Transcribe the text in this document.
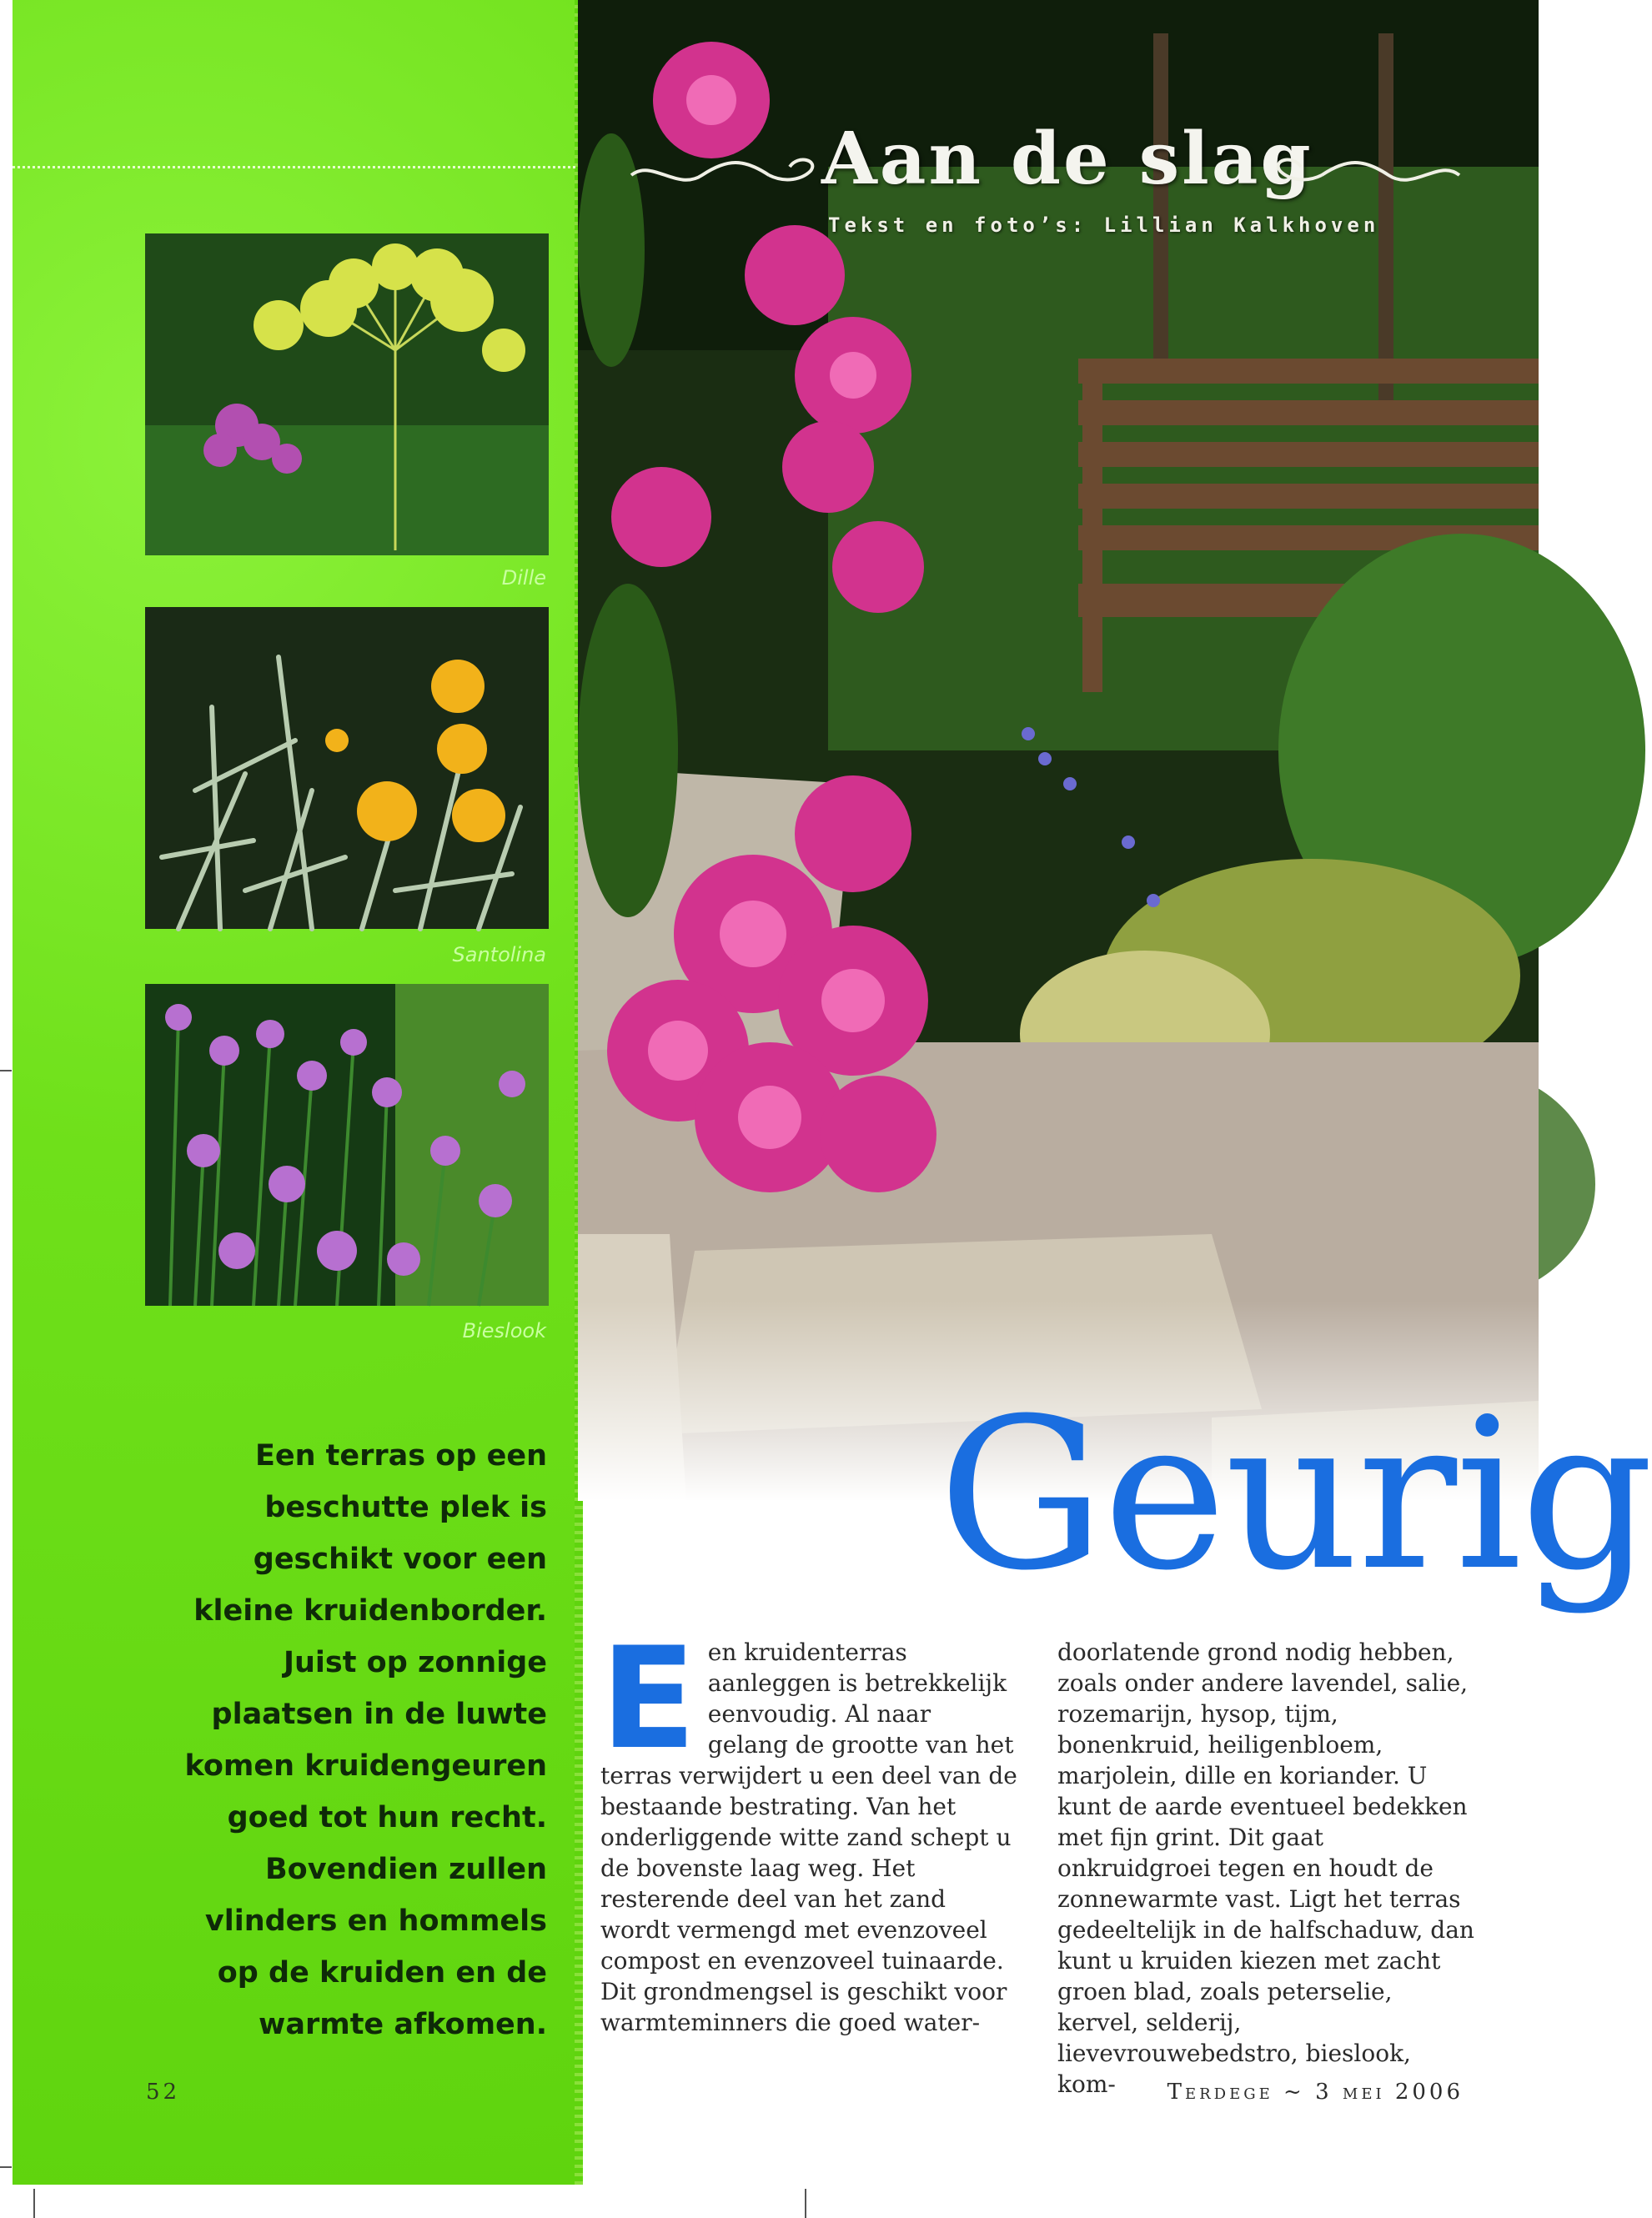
Dille
Santolina
Bieslook
Een terras op een beschutte plek is geschikt voor een kleine kruidenborder. Juist op zonnige plaatsen in de luwte komen kruidengeuren goed tot hun recht. Bovendien zullen vlinders en hommels op de kruiden en de warmte afkomen.
52
Aan de slag
Tekst en foto’s: Lillian Kalkhoven
Geurig
E en kruidenterras aanleggen is betrekkelijk eenvoudig. Al naar gelang de grootte van het terras verwijdert u een deel van de bestaande bestrating. Van het onderliggende witte zand schept u de bovenste laag weg. Het resterende deel van het zand wordt vermengd met evenzoveel compost en evenzoveel tuinaarde.

Dit grondmengsel is geschikt voor warmteminners die goed water-

doorlatende grond nodig hebben, zoals onder andere lavendel, salie, rozemarijn, hysop, tijm, bonenkruid, heiligenbloem, marjolein, dille en koriander. U kunt de aarde eventueel bedekken met fijn grint. Dit gaat onkruidgroei tegen en houdt de zonnewarmte vast. Ligt het terras gedeeltelijk in de halfschaduw, dan kunt u kruiden kiezen met zacht groen blad, zoals peterselie, kervel, selderij, lievevrouwebedstro, bieslook, kom-	Terdege ~ 3 mei 2006
